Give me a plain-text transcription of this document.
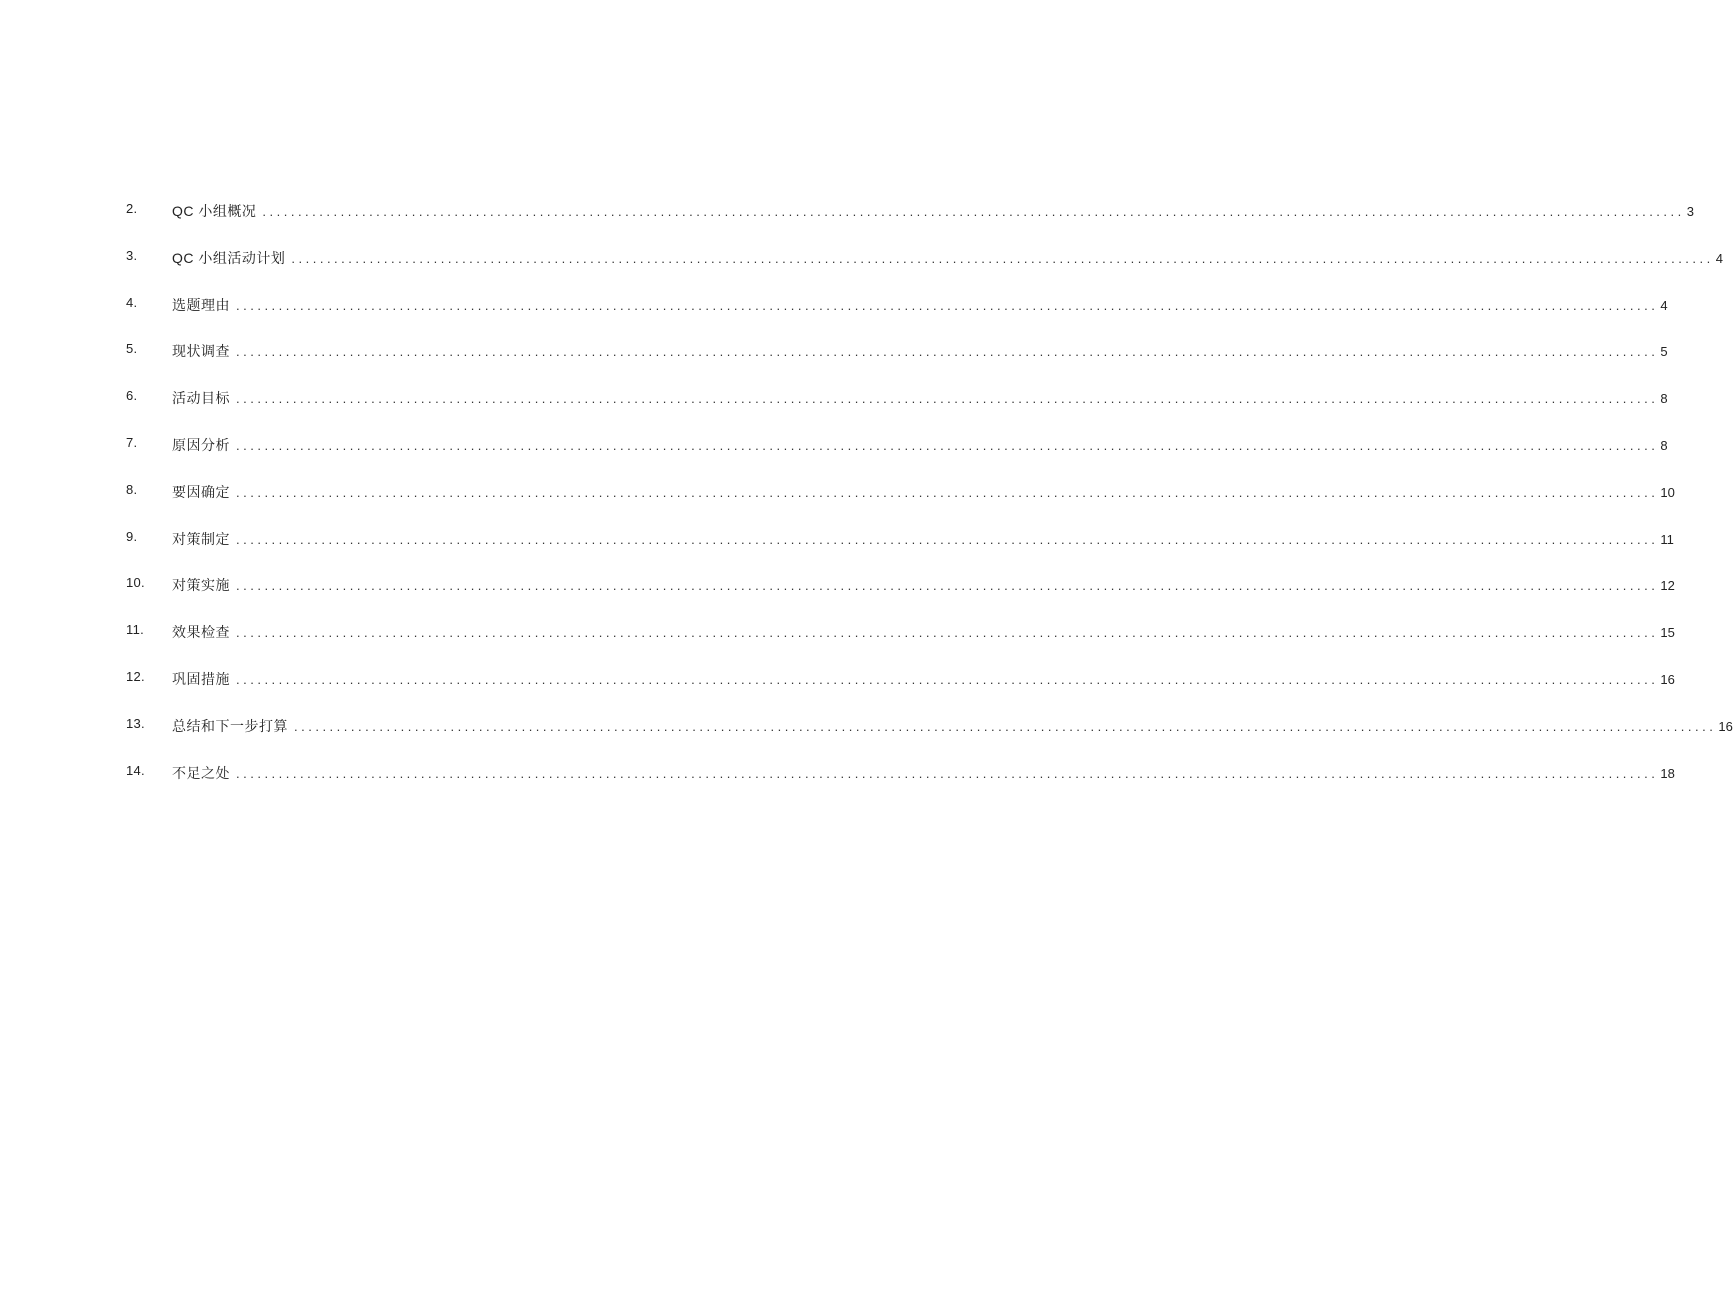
2. QC 小组概况 ........................................................................................................................................................................................................ 3
3. QC 小组活动计划 ........................................................................................................................................................................................................ 4
4. 选题理由 ........................................................................................................................................................................................................ 4
5. 现状调查 ........................................................................................................................................................................................................ 5
6. 活动目标 ........................................................................................................................................................................................................ 8
7. 原因分析 ........................................................................................................................................................................................................ 8
8. 要因确定 ........................................................................................................................................................................................................ 10
9. 对策制定 ........................................................................................................................................................................................................ 11
10. 对策实施 ........................................................................................................................................................................................................ 12
11. 效果检查 ........................................................................................................................................................................................................ 15
12. 巩固措施 ........................................................................................................................................................................................................ 16
13. 总结和下一步打算 ........................................................................................................................................................................................................ 16
14. 不足之处 ........................................................................................................................................................................................................ 18
